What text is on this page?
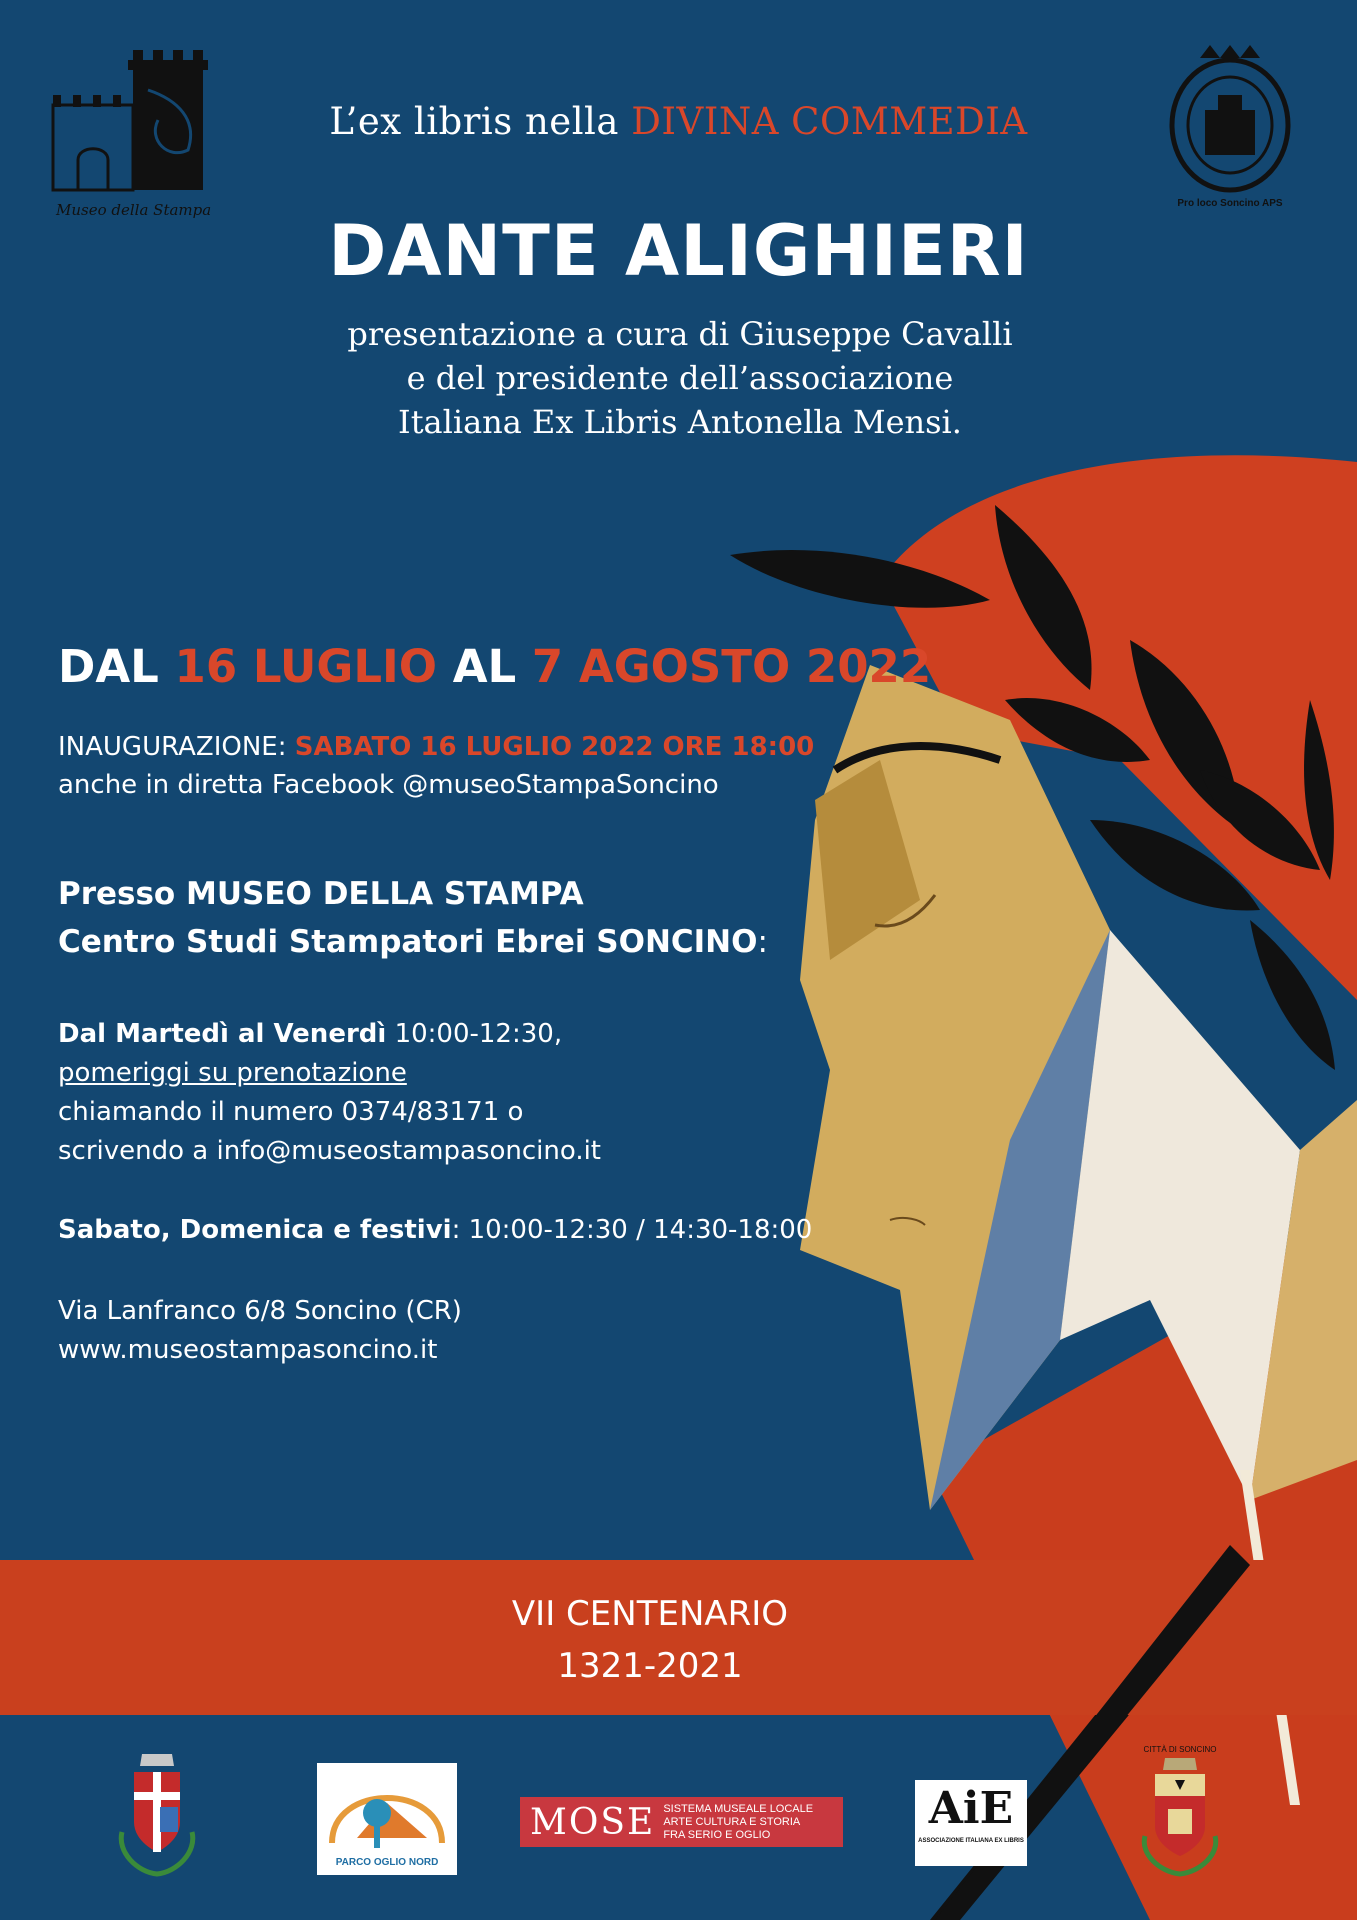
Museo della Stampa	Pro loco Soncino APS
L’ex libris nella DIVINA COMMEDIA
DANTE ALIGHIERI
presentazione a cura di Giuseppe Cavalli
e del presidente dell’associazione
Italiana Ex Libris Antonella Mensi.
DAL 16 LUGLIO AL 7 AGOSTO 2022
INAUGURAZIONE: SABATO 16 LUGLIO 2022 ORE 18:00
anche in diretta Facebook @museoStampaSoncino
Presso MUSEO DELLA STAMPA
Centro Studi Stampatori Ebrei SONCINO:
Dal Martedì al Venerdì 10:00-12:30,
pomeriggi su prenotazione
chiamando il numero 0374/83171 o
scrivendo a info@museostampasoncino.it
Sabato, Domenica e festivi: 10:00-12:30 / 14:30-18:00
Via Lanfranco 6/8 Soncino (CR)
www.museostampasoncino.it
VII CENTENARIO
1321-2021
PARCO OGLIO NORD
MOSE SISTEMA MUSEALE LOCALE
ARTE CULTURA E STORIA
FRA SERIO E OGLIO
AiE
ASSOCIAZIONE ITALIANA EX LIBRIS
CITTÀ DI SONCINO
